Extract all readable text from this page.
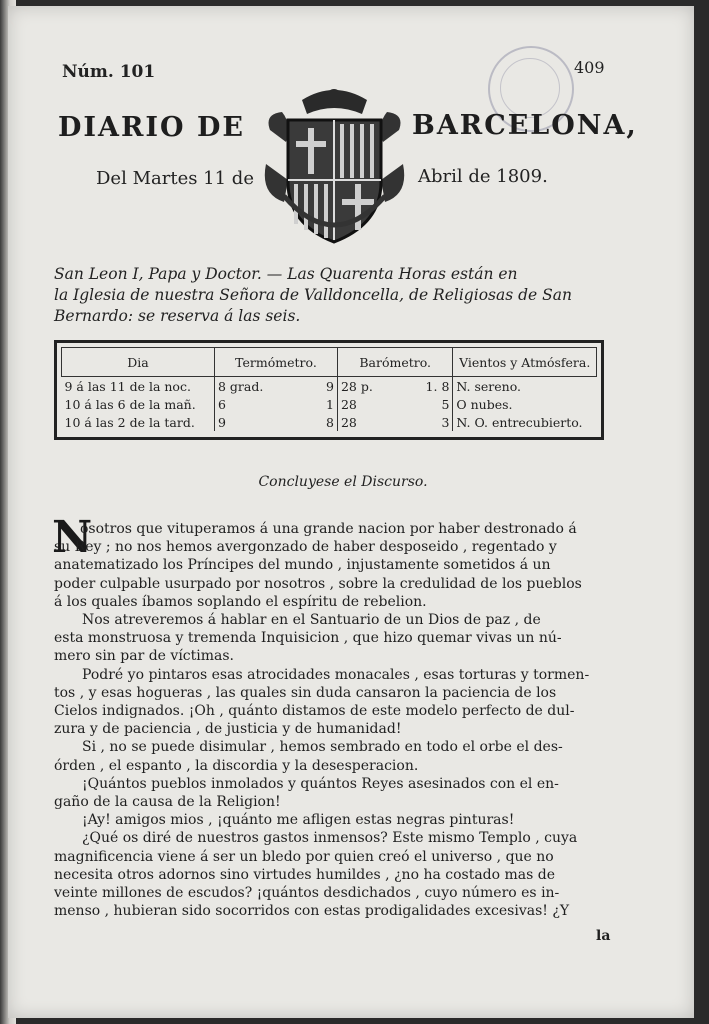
Núm. 101	409
DIARIO DE	BARCELONA,
Del Martes 11 de	Abril de 1809.
San Leon I, Papa y Doctor. — Las Quarenta Horas están en
la Iglesia de nuestra Señora de Valldoncella, de Religiosas de San
Bernardo: se reserva á las seis.
Dia	Termómetro.		Barómetro.		Vientos y Atmósfera.
9 á las 11 de la noc.	8 grad.	9	28 p.	1. 8	N. sereno.
10 á las 6 de la mañ.	6	1	28	5	O nubes.
10 á las 2 de la tard.	9	8	28	3	N. O. entrecubierto.
Concluyese el Discurso.
N
osotros que vituperamos á una grande nacion por haber destronado á
su Rey ; no nos hemos avergonzado de haber desposeido , regentado y
anatematizado los Príncipes del mundo , injustamente sometidos á un
poder culpable usurpado por nosotros , sobre la credulidad de los pueblos
á los quales íbamos soplando el espíritu de rebelion.
Nos atreveremos á hablar en el Santuario de un Dios de paz , de
esta monstruosa y tremenda Inquisicion , que hizo quemar vivas un nú-
mero sin par de víctimas.
Podré yo pintaros esas atrocidades monacales , esas torturas y tormen-
tos , y esas hogueras , las quales sin duda cansaron la paciencia de los
Cielos indignados. ¡Oh , quánto distamos de este modelo perfecto de dul-
zura y de paciencia , de justicia y de humanidad!
Si , no se puede disimular , hemos sembrado en todo el orbe el des-
órden , el espanto , la discordia y la desesperacion.
¡Quántos pueblos inmolados y quántos Reyes asesinados con el en-
gaño de la causa de la Religion!
¡Ay! amigos mios , ¡quánto me afligen estas negras pinturas!
¿Qué os diré de nuestros gastos inmensos? Este mismo Templo , cuya
magnificencia viene á ser un bledo por quien creó el universo , que no
necesita otros adornos sino virtudes humildes , ¿no ha costado mas de
veinte millones de escudos? ¡quántos desdichados , cuyo número es in-
menso , hubieran sido socorridos con estas prodigalidades excesivas! ¿Y
la
